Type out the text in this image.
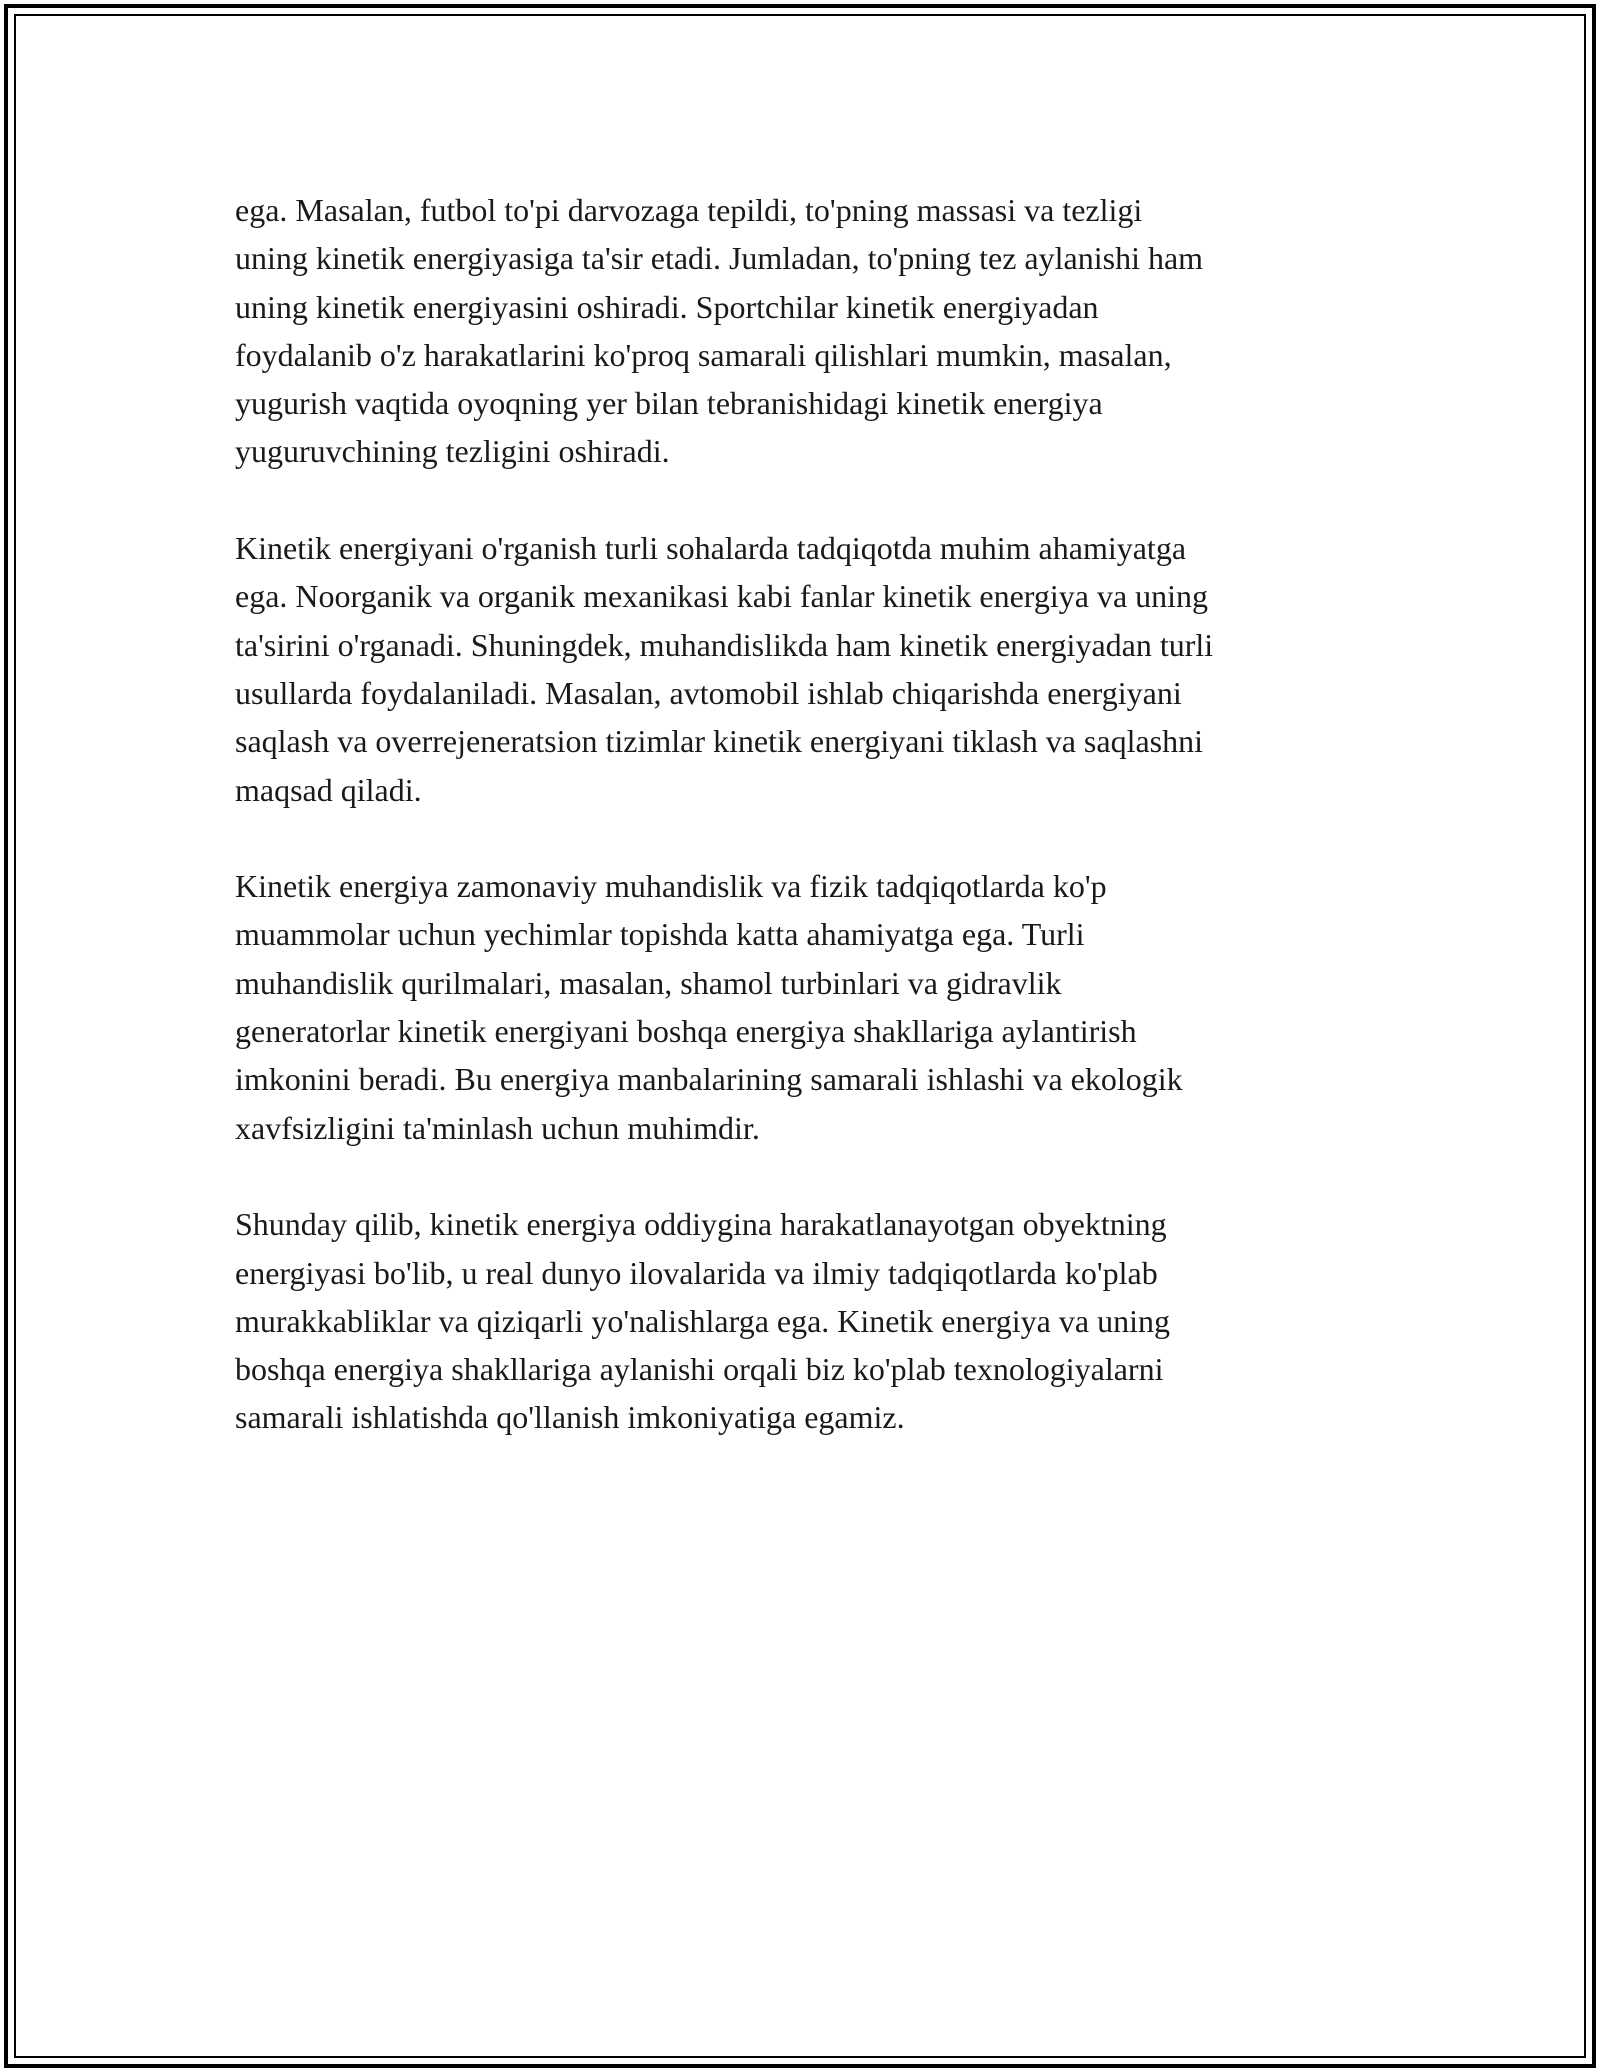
ega. Masalan, futbol to'pi darvozaga tepildi, to'pning massasi va tezligi
uning kinetik energiyasiga ta'sir etadi. Jumladan, to'pning tez aylanishi ham
uning kinetik energiyasini oshiradi. Sportchilar kinetik energiyadan
foydalanib o'z harakatlarini ko'proq samarali qilishlari mumkin, masalan,
yugurish vaqtida oyoqning yer bilan tebranishidagi kinetik energiya
yuguruvchining tezligini oshiradi.
Kinetik energiyani o'rganish turli sohalarda tadqiqotda muhim ahamiyatga
ega. Noorganik va organik mexanikasi kabi fanlar kinetik energiya va uning
ta'sirini o'rganadi. Shuningdek, muhandislikda ham kinetik energiyadan turli
usullarda foydalaniladi. Masalan, avtomobil ishlab chiqarishda energiyani
saqlash va overrejeneratsion tizimlar kinetik energiyani tiklash va saqlashni
maqsad qiladi.
Kinetik energiya zamonaviy muhandislik va fizik tadqiqotlarda ko'p
muammolar uchun yechimlar topishda katta ahamiyatga ega. Turli
muhandislik qurilmalari, masalan, shamol turbinlari va gidravlik
generatorlar kinetik energiyani boshqa energiya shakllariga aylantirish
imkonini beradi. Bu energiya manbalarining samarali ishlashi va ekologik
xavfsizligini ta'minlash uchun muhimdir.
Shunday qilib, kinetik energiya oddiygina harakatlanayotgan obyektning
energiyasi bo'lib, u real dunyo ilovalarida va ilmiy tadqiqotlarda ko'plab
murakkabliklar va qiziqarli yo'nalishlarga ega. Kinetik energiya va uning
boshqa energiya shakllariga aylanishi orqali biz ko'plab texnologiyalarni
samarali ishlatishda qo'llanish imkoniyatiga egamiz.
